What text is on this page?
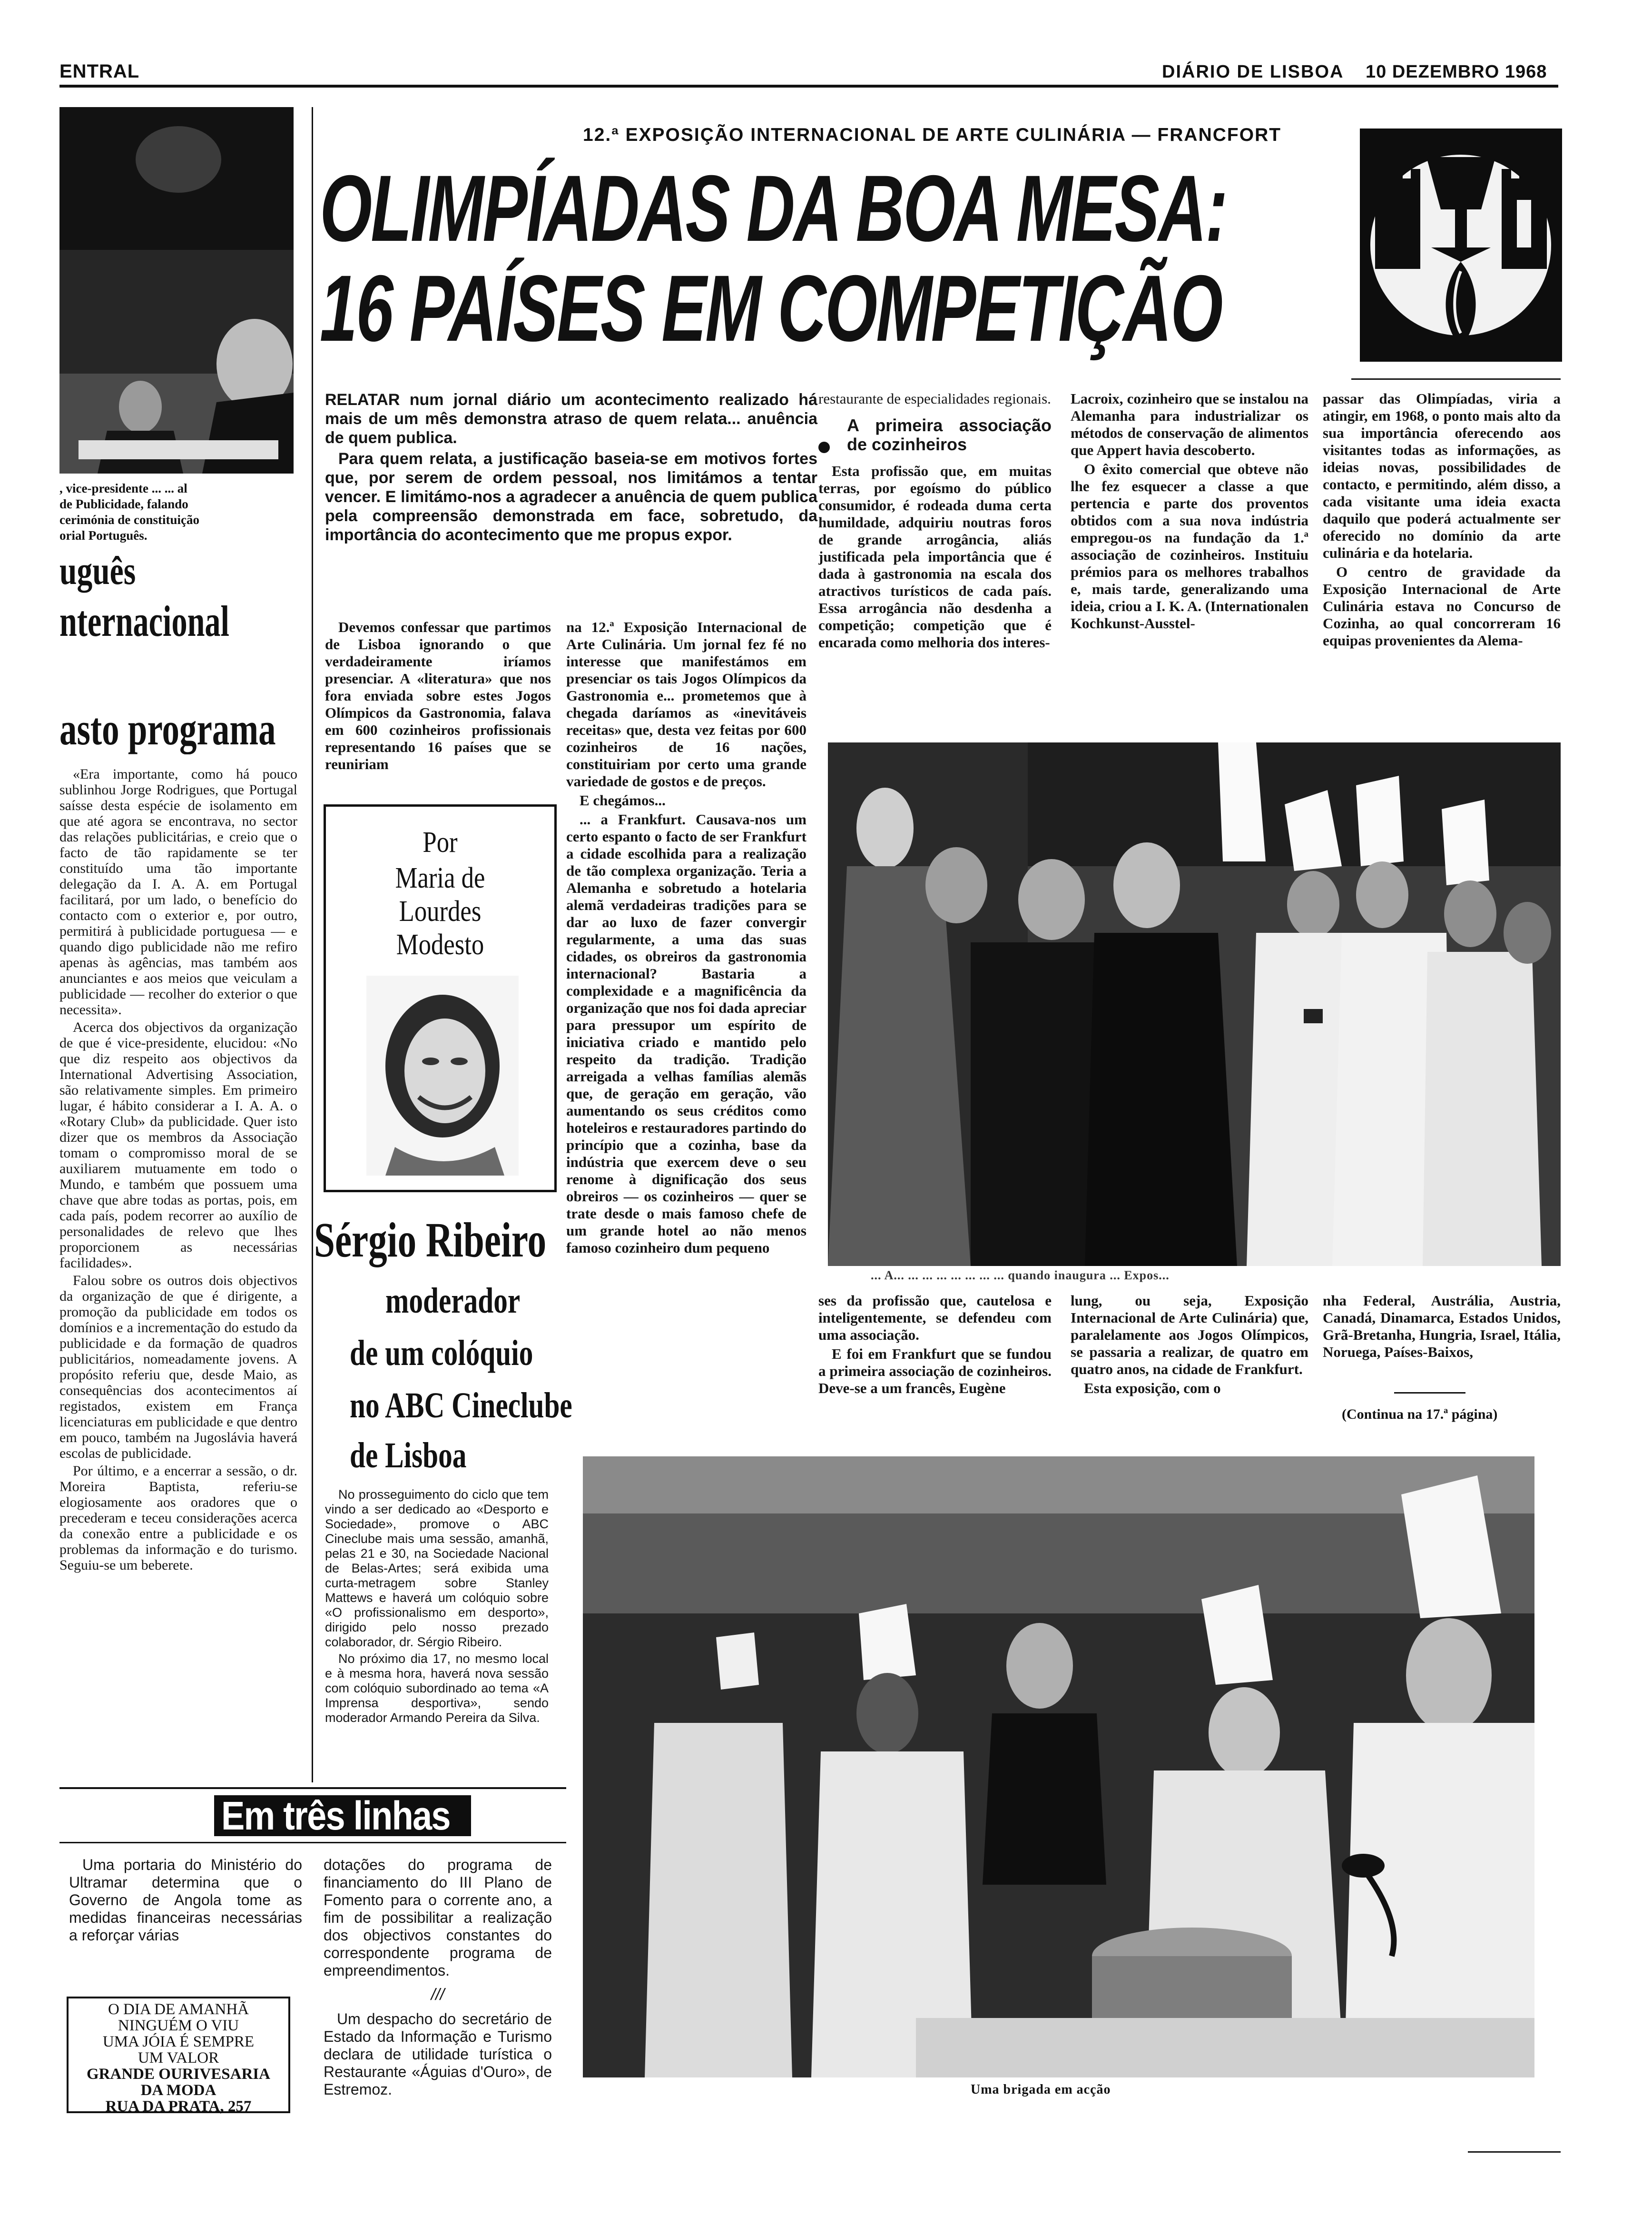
ENTRAL	DIÁRIO DE LISBOA 10 DEZEMBRO 1968
, vice-presidente ... ... al
de Publicidade, falando
cerimónia de constituição
orial Português.
uguês
nternacional
asto programa

«Era importante, como há pouco sublinhou Jorge Rodrigues, que Portugal saísse desta espécie de isolamento em que até agora se encontrava, no sector das relações publicitárias, e creio que o facto de tão rapidamente se ter constituído uma tão importante delegação da I. A. A. em Portugal facilitará, por um lado, o benefício do contacto com o exterior e, por outro, permitirá à publicidade portuguesa — e quando digo publicidade não me refiro apenas às agências, mas também aos anunciantes e aos meios que veiculam a publicidade — recolher do exterior o que necessita».

Acerca dos objectivos da organização de que é vice-presidente, elucidou: «No que diz respeito aos objectivos da International Advertising Association, são relativamente simples. Em primeiro lugar, é hábito considerar a I. A. A. o «Rotary Club» da publicidade. Quer isto dizer que os membros da Associação tomam o compromisso moral de se auxiliarem mutuamente em todo o Mundo, e também que possuem uma chave que abre todas as portas, pois, em cada país, podem recorrer ao auxílio de personalidades de relevo que lhes proporcionem as necessárias facilidades».

Falou sobre os outros dois objectivos da organização de que é dirigente, a promoção da publicidade em todos os domínios e a incrementação do estudo da publicidade e da formação de quadros publicitários, nomeadamente jovens. A propósito referiu que, desde Maio, as consequências dos acontecimentos aí registados, existem em França licenciaturas em publicidade e que dentro em pouco, também na Jugoslávia haverá escolas de publicidade.

Por último, e a encerrar a sessão, o dr. Moreira Baptista, referiu-se elogiosamente aos oradores que o precederam e teceu considerações acerca da conexão entre a publicidade e os problemas da informação e do turismo. Seguiu-se um beberete.

12.ª EXPOSIÇÃO INTERNACIONAL DE ARTE CULINÁRIA — FRANCFORT
OLIMPÍADAS DA BOA MESA:
16 PAÍSES EM COMPETIÇÃO

RELATAR num jornal diário um acontecimento realizado há mais de um mês demonstra atraso de quem relata... anuência de quem publica.

Para quem relata, a justificação baseia-se em motivos fortes que, por serem de ordem pessoal, nos limitámos a tentar vencer. E limitámo-nos a agradecer a anuência de quem publica pela compreensão demonstrada em face, sobretudo, da importância do acontecimento que me propus expor.

Devemos confessar que partimos de Lisboa ignorando o que verdadeiramente iríamos presenciar. A «literatura» que nos fora enviada sobre estes Jogos Olímpicos da Gastronomia, falava em 600 cozinheiros profissionais representando 16 países que se reuniriam

na 12.ª Exposição Internacional de Arte Culinária. Um jornal fez fé no interesse que manifestámos em presenciar os tais Jogos Olímpicos da Gastronomia e... prometemos que à chegada daríamos as «inevitáveis receitas» que, desta vez feitas por 600 cozinheiros de 16 nações, constituiriam por certo uma grande variedade de gostos e de preços.

E chegámos...

... a Frankfurt. Causava-nos um certo espanto o facto de ser Frankfurt a cidade escolhida para a realização de tão complexa organização. Teria a Alemanha e sobretudo a hotelaria alemã verdadeiras tradições para se dar ao luxo de fazer convergir regularmente, a uma das suas cidades, os obreiros da gastronomia internacional? Bastaria a complexidade e a magnificência da organização que nos foi dada apreciar para pressupor um espírito de iniciativa criado e mantido pelo respeito da tradição. Tradição arreigada a velhas famílias alemãs que, de geração em geração, vão aumentando os seus créditos como hoteleiros e restauradores partindo do princípio que a cozinha, base da indústria que exercem deve o seu renome à dignificação dos seus obreiros — os cozinheiros — quer se trate desde o mais famoso chefe de um grande hotel ao não menos famoso cozinheiro dum pequeno

Por
Maria de Lourdes Modesto
... A... ... ... ... ... ... ... ... quando inaugura ... Expos...

restaurante de especialidades regionais.

A primeira associação de cozinheiros

Esta profissão que, em muitas terras, por egoísmo do público consumidor, é rodeada duma certa humildade, adquiriu noutras foros de grande arrogância, aliás justificada pela importância que é dada à gastronomia na escala dos atractivos turísticos de cada país. Essa arrogância não desdenha a competição; competição que é encarada como melhoria dos interes-

Lacroix, cozinheiro que se instalou na Alemanha para industrializar os métodos de conservação de alimentos que Appert havia descoberto.

O êxito comercial que obteve não lhe fez esquecer a classe a que pertencia e parte dos proventos obtidos com a sua nova indústria empregou-os na fundação da 1.ª associação de cozinheiros. Instituiu prémios para os melhores trabalhos e, mais tarde, generalizando uma ideia, criou a I. K. A. (Internationalen Kochkunst-Ausstel-

passar das Olimpíadas, viria a atingir, em 1968, o ponto mais alto da sua importância oferecendo aos visitantes todas as informações, as ideias novas, possibilidades de contacto, e permitindo, além disso, a cada visitante uma ideia exacta daquilo que poderá actualmente ser oferecido no domínio da arte culinária e da hotelaria.

O centro de gravidade da Exposição Internacional de Arte Culinária estava no Concurso de Cozinha, ao qual concorreram 16 equipas provenientes da Alema-

ses da profissão que, cautelosa e inteligentemente, se defendeu com uma associação.

E foi em Frankfurt que se fundou a primeira associação de cozinheiros. Deve-se a um francês, Eugène

lung, ou seja, Exposição Internacional de Arte Culinária) que, paralelamente aos Jogos Olímpicos, se passaria a realizar, de quatro em quatro anos, na cidade de Frankfurt.

Esta exposição, com o

nha Federal, Austrália, Austria, Canadá, Dinamarca, Estados Unidos, Grã-Bretanha, Hungria, Israel, Itália, Noruega, Países-Baixos,

(Continua na 17.ª página)
Sérgio Ribeiro
moderador
de um colóquio
no ABC Cineclube
de Lisboa

No prosseguimento do ciclo que tem vindo a ser dedicado ao «Desporto e Sociedade», promove o ABC Cineclube mais uma sessão, amanhã, pelas 21 e 30, na Sociedade Nacional de Belas-Artes; será exibida uma curta-metragem sobre Stanley Mattews e haverá um colóquio sobre «O profissionalismo em desporto», dirigido pelo nosso prezado colaborador, dr. Sérgio Ribeiro.

No próximo dia 17, no mesmo local e à mesma hora, haverá nova sessão com colóquio subordinado ao tema «A Imprensa desportiva», sendo moderador Armando Pereira da Silva.

Uma brigada em acção
Em três linhas

Uma portaria do Ministério do Ultramar determina que o Governo de Angola tome as medidas financeiras necessárias a reforçar várias

dotações do programa de financiamento do III Plano de Fomento para o corrente ano, a fim de possibilitar a realização dos objectivos constantes do correspondente programa de empreendimentos.

///

Um despacho do secretário de Estado da Informação e Turismo declara de utilidade turística o Restaurante «Águias d'Ouro», de Estremoz.

O DIA DE AMANHÃ
NINGUÉM O VIU
UMA JÓIA É SEMPRE
UM VALOR
GRANDE OURIVESARIA
DA MODA
RUA DA PRATA, 257
